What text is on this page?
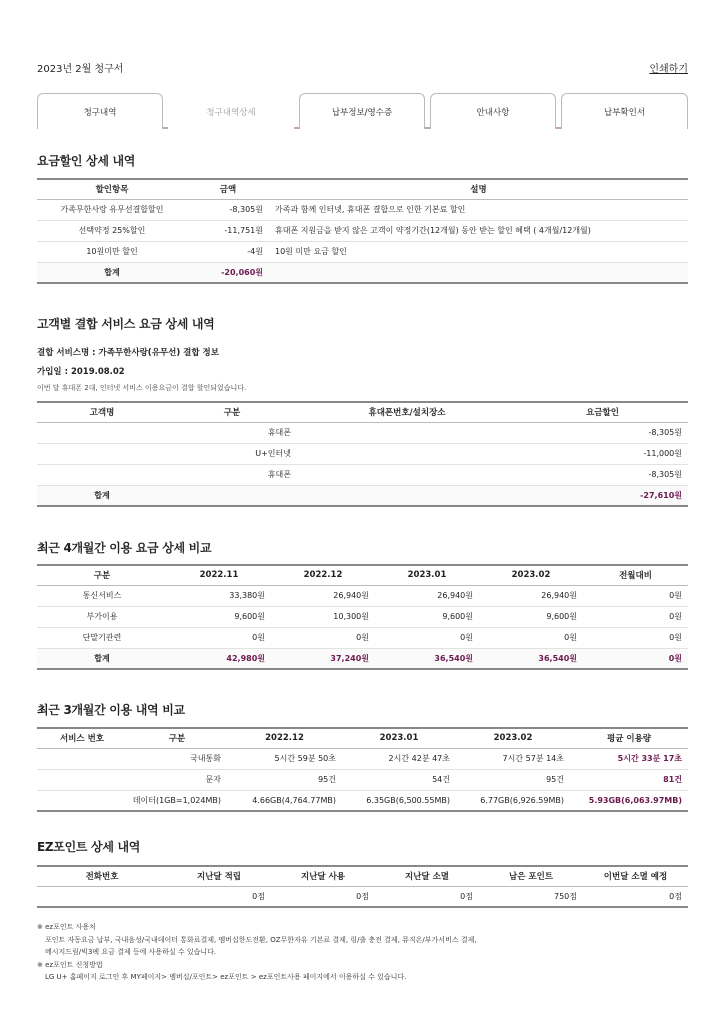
2023년 2월 청구서	인쇄하기
청구내역	청구내역상세	납부정보/영수증	안내사항	납부확인서
요금할인 상세 내역
할인항목	금액	설명
가족무한사랑 유무선결합할인	-8,305원	가족과 함께 인터넷, 휴대폰 결합으로 인한 기본료 할인
선택약정 25%할인	-11,751원	휴대폰 지원금을 받지 않은 고객이 약정기간(12개월) 동안 받는 할인 혜택 ( 4개월/12개월)
10원미만 할인	-4원	10원 미만 요금 할인
합계	-20,060원	
고객별 결합 서비스 요금 상세 내역
결합 서비스명 : 가족무한사랑(유무선) 결합 정보
가입일 : 2019.08.02
이번 달 휴대폰 2대, 인터넷 서비스 이용요금이 결합 할인되었습니다.
고객명	구분	휴대폰번호/설치장소	요금할인
	휴대폰		-8,305원
	U+인터넷		-11,000원
	휴대폰		-8,305원
합계			-27,610원
최근 4개월간 이용 요금 상세 비교
구분	2022.11	2022.12	2023.01	2023.02	전월대비
통신서비스	33,380원	26,940원	26,940원	26,940원	0원
부가이용	9,600원	10,300원	9,600원	9,600원	0원
단말기관련	0원	0원	0원	0원	0원
합계	42,980원	37,240원	36,540원	36,540원	0원
최근 3개월간 이용 내역 비교
서비스 번호	구분	2022.12	2023.01	2023.02	평균 이용량
	국내통화	5시간 59분 50초	2시간 42분 47초	7시간 57분 14초	5시간 33분 17초
	문자	95건	54건	95건	81건
	데이터(1GB=1,024MB)	4.66GB(4,764.77MB)	6.35GB(6,500.55MB)	6.77GB(6,926.59MB)	5.93GB(6,063.97MB)
EZ포인트 상세 내역
전화번호	지난달 적립	지난달 사용	지난달 소멸	남은 포인트	이번달 소멸 예정
	0점	0점	0점	750점	0점
※ ez포인트 사용처
포인트 자동요금 납부, 국내음성/국내데이터 통화료결제, 멤버십한도전환, OZ무한자유 기본료 결제, 링/출 충전 결제, 뮤직온/부가서비스 결제,
메시지드림/빅3팩 요금 결제 등에 사용하실 수 있습니다.
※ ez포인트 신청방법
LG U+ 홈페이지 로그인 후 MY페이지> 멤버십/포인트> ez포인트 > ez포인트사용 페이지에서 이용하실 수 있습니다.
